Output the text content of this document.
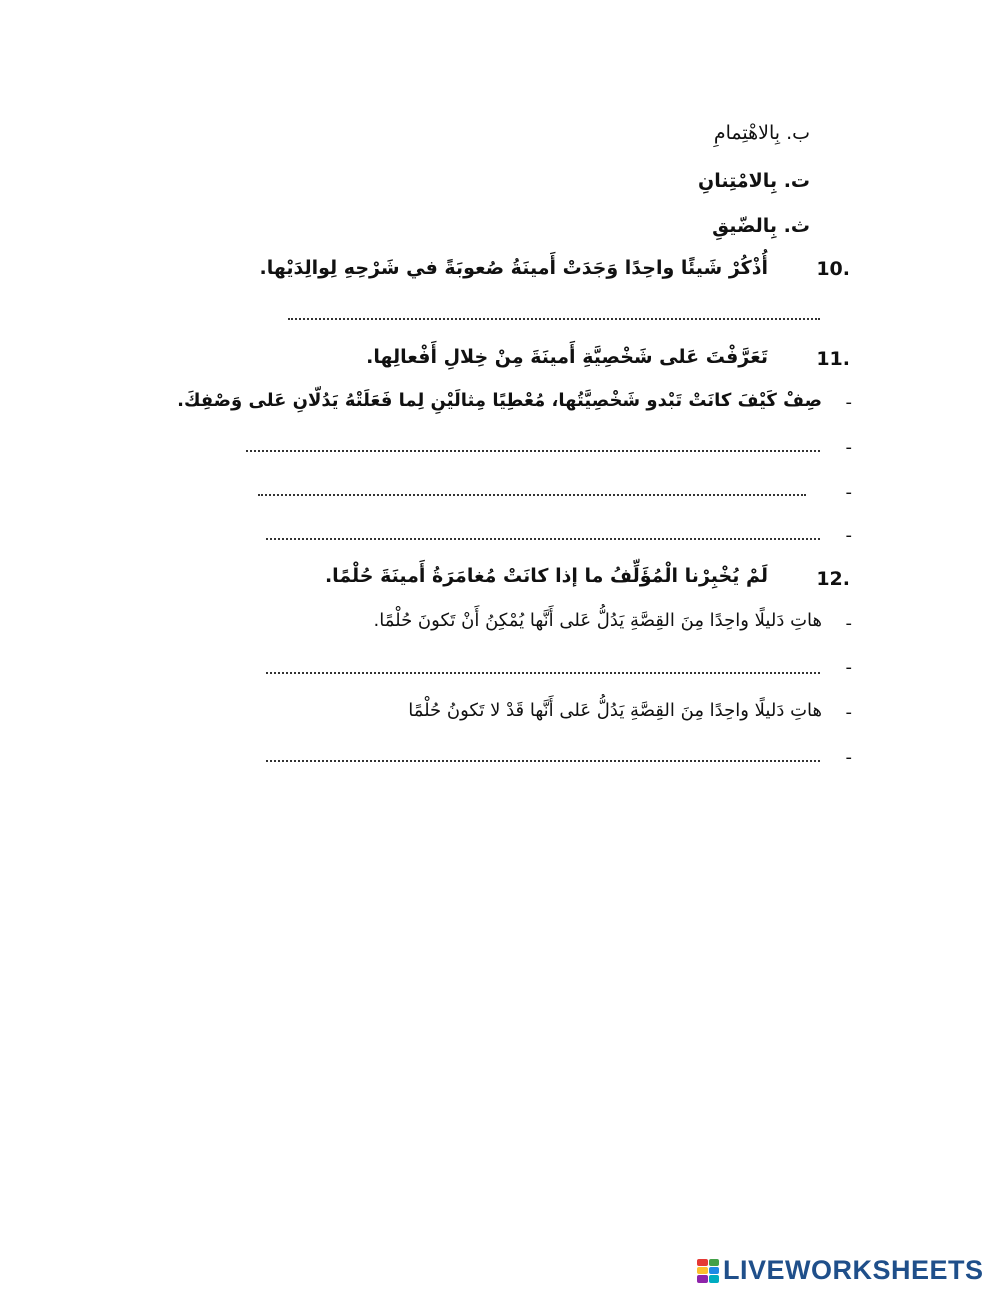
ب. بِالاهْتِمامِ
ت. بِالامْتِنانِ
ث. بِالضّيقِ
10.
أُذْكُرْ شَيئًا واحِدًا وَجَدَتْ أَمينَةُ صُعوبَةً في شَرْحِهِ لِوالِدَيْها.
11.
تَعَرَّفْتَ عَلى شَخْصِيَّةِ أَمينَةَ مِنْ خِلالِ أَفْعالِها.
-
صِفْ كَيْفَ كانَتْ تَبْدو شَخْصِيَّتُها، مُعْطِيًا مِثالَيْنِ لِما فَعَلَتْهُ يَدُلّانِ عَلى وَصْفِكَ.
-
-
-
12.
لَمْ يُخْبِرْنا الْمُؤَلِّفُ ما إذا كانَتْ مُغامَرَةُ أَمينَةَ حُلْمًا.
-
هاتِ دَليلًا واحِدًا مِنَ القِصَّةِ يَدُلُّ عَلى أَنَّها يُمْكِنُ أَنْ تَكونَ حُلْمًا.
-
-
هاتِ دَليلًا واحِدًا مِنَ القِصَّةِ يَدُلُّ عَلى أَنَّها قَدْ لا تَكونُ حُلْمًا
-
LIVEWORKSHEETS
